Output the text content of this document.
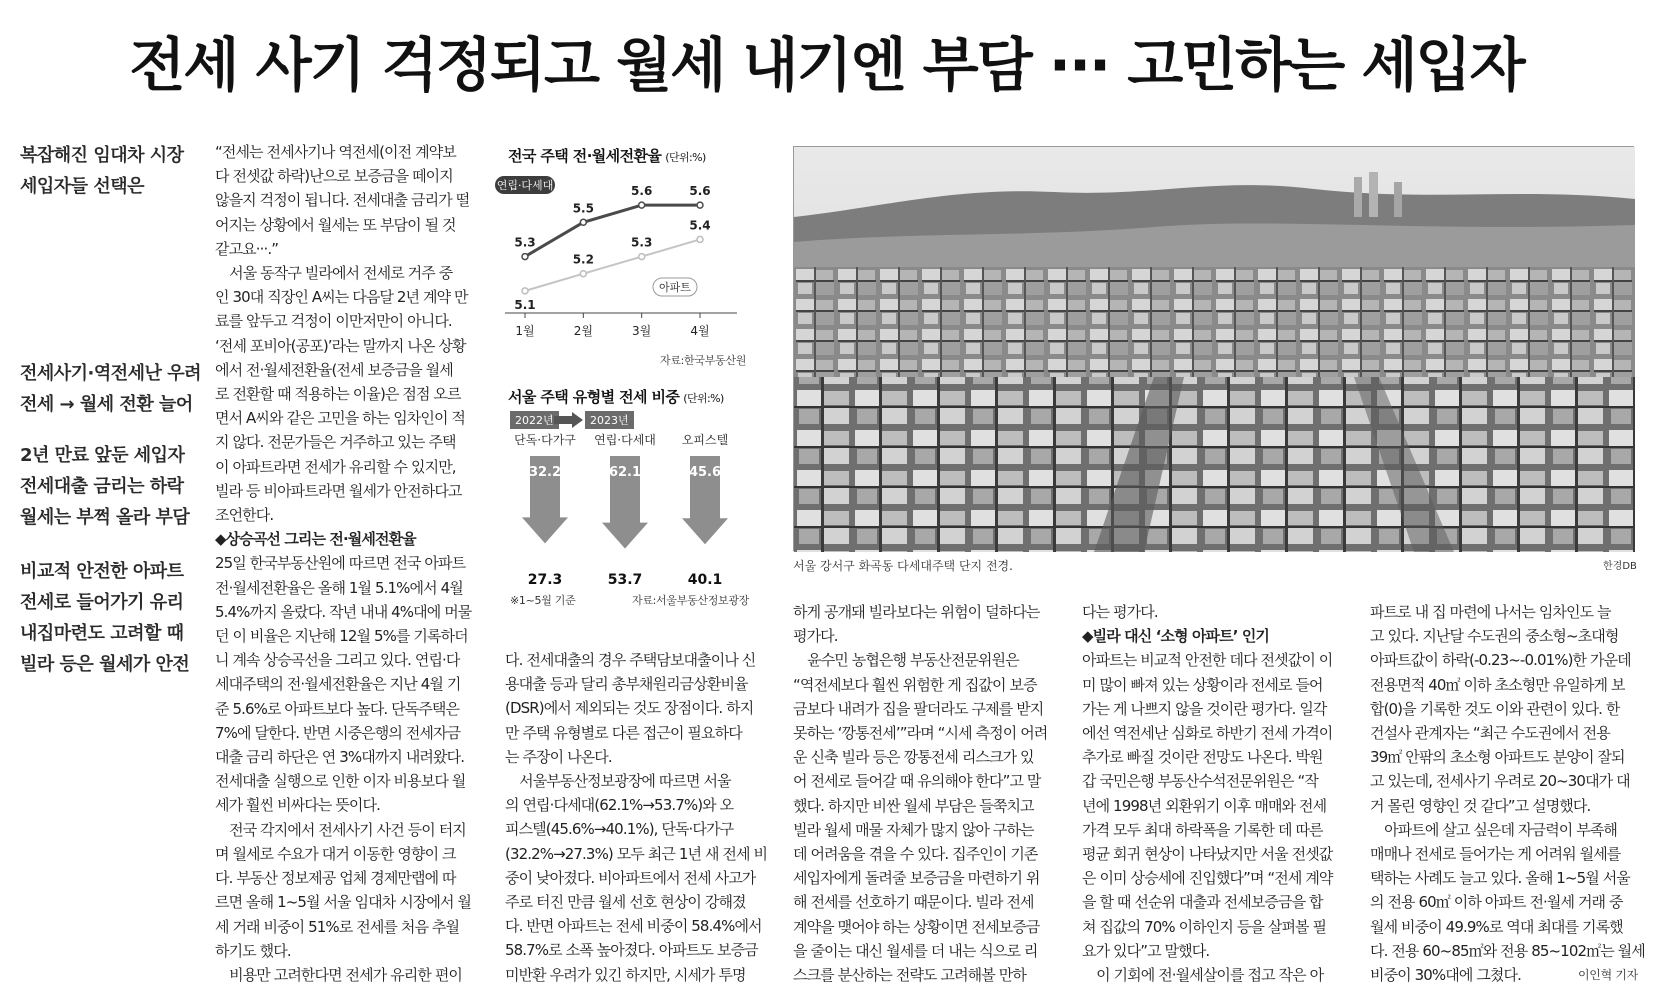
전세 사기 걱정되고 월세 내기엔 부담 ··· 고민하는 세입자

복잡해진 임대차 시장

세입자들 선택은

전세사기·역전세난 우려

전세 → 월세 전환 늘어

2년 만료 앞둔 세입자

전세대출 금리는 하락

월세는 부쩍 올라 부담

비교적 안전한 아파트

전세로 들어가기 유리

내집마련도 고려할 때

빌라 등은 월세가 안전

“전세는 전세사기나 역전세(이전 계약보

다 전셋값 하락)난으로 보증금을 떼이지

않을지 걱정이 됩니다. 전세대출 금리가 떨

어지는 상황에서 월세는 또 부담이 될 것

같고요···.”

　서울 동작구 빌라에서 전세로 거주 중

인 30대 직장인 A씨는 다음달 2년 계약 만

료를 앞두고 걱정이 이만저만이 아니다.

‘전세 포비아(공포)’라는 말까지 나온 상황

에서 전·월세전환율(전세 보증금을 월세

로 전환할 때 적용하는 이율)은 점점 오르

면서 A씨와 같은 고민을 하는 임차인이 적

지 않다. 전문가들은 거주하고 있는 주택

이 아파트라면 전세가 유리할 수 있지만,

빌라 등 비아파트라면 월세가 안전하다고

조언한다.

◆상승곡선 그리는 전·월세전환율

25일 한국부동산원에 따르면 전국 아파트

전·월세전환율은 올해 1월 5.1%에서 4월

5.4%까지 올랐다. 작년 내내 4%대에 머물

던 이 비율은 지난해 12월 5%를 기록하더

니 계속 상승곡선을 그리고 있다. 연립·다

세대주택의 전·월세전환율은 지난 4월 기

준 5.6%로 아파트보다 높다. 단독주택은

7%에 달한다. 반면 시중은행의 전세자금

대출 금리 하단은 연 3%대까지 내려왔다.

전세대출 실행으로 인한 이자 비용보다 월

세가 훨씬 비싸다는 뜻이다.

　전국 각지에서 전세사기 사건 등이 터지

며 월세로 수요가 대거 이동한 영향이 크

다. 부동산 정보제공 업체 경제만랩에 따

르면 올해 1~5월 서울 임대차 시장에서 월

세 거래 비중이 51%로 전세를 처음 추월

하기도 했다.

　비용만 고려한다면 전세가 유리한 편이

전국 주택 전·월세전환율 (단위:%)
1월	2월	3월	4월
5.3
5.5
5.6	5.6
5.1
5.2
5.3
5.4
연립·다세대
아파트
자료:한국부동산원
서울 주택 유형별 전세 비중 (단위:%)
2022년	2023년
단독·다가구
32.2
27.3
연립·다세대
62.1
53.7
오피스텔
45.6
40.1
※1~5월 기준	자료:서울부동산정보광장

다. 전세대출의 경우 주택담보대출이나 신

용대출 등과 달리 총부채원리금상환비율

(DSR)에서 제외되는 것도 장점이다. 하지

만 주택 유형별로 다른 접근이 필요하다

는 주장이 나온다.

　서울부동산정보광장에 따르면 서울

의 연립·다세대(62.1%→53.7%)와 오

피스텔(45.6%→40.1%), 단독·다가구

(32.2%→27.3%) 모두 최근 1년 새 전세 비

중이 낮아졌다. 비아파트에서 전세 사고가

주로 터진 만큼 월세 선호 현상이 강해졌

다. 반면 아파트는 전세 비중이 58.4%에서

58.7%로 소폭 높아졌다. 아파트도 보증금

미반환 우려가 있긴 하지만, 시세가 투명

서울 강서구 화곡동 다세대주택 단지 전경.	한경DB

하게 공개돼 빌라보다는 위험이 덜하다는

평가다.

　윤수민 농협은행 부동산전문위원은

“역전세보다 훨씬 위험한 게 집값이 보증

금보다 내려가 집을 팔더라도 구제를 받지

못하는 ‘깡통전세’”라며 “시세 측정이 어려

운 신축 빌라 등은 깡통전세 리스크가 있

어 전세로 들어갈 때 유의해야 한다”고 말

했다. 하지만 비싼 월세 부담은 들쭉치고

빌라 월세 매물 자체가 많지 않아 구하는

데 어려움을 겪을 수 있다. 집주인이 기존

세입자에게 돌려줄 보증금을 마련하기 위

해 전세를 선호하기 때문이다. 빌라 전세

계약을 맺어야 하는 상황이면 전세보증금

을 줄이는 대신 월세를 더 내는 식으로 리

스크를 분산하는 전략도 고려해볼 만하

다는 평가다.

◆빌라 대신 ‘소형 아파트’ 인기

아파트는 비교적 안전한 데다 전셋값이 이

미 많이 빠져 있는 상황이라 전세로 들어

가는 게 나쁘지 않을 것이란 평가다. 일각

에선 역전세난 심화로 하반기 전세 가격이

추가로 빠질 것이란 전망도 나온다. 박원

갑 국민은행 부동산수석전문위원은 “작

년에 1998년 외환위기 이후 매매와 전세

가격 모두 최대 하락폭을 기록한 데 따른

평균 회귀 현상이 나타났지만 서울 전셋값

은 이미 상승세에 진입했다”며 “전세 계약

을 할 때 선순위 대출과 전세보증금을 합

쳐 집값의 70% 이하인지 등을 살펴볼 필

요가 있다”고 말했다.

　이 기회에 전·월세살이를 접고 작은 아

파트로 내 집 마련에 나서는 임차인도 늘

고 있다. 지난달 수도권의 중소형~초대형

아파트값이 하락(-0.23~-0.01%)한 가운데

전용면적 40㎡ 이하 초소형만 유일하게 보

합(0)을 기록한 것도 이와 관련이 있다. 한

건설사 관계자는 “최근 수도권에서 전용

39㎡ 안팎의 초소형 아파트도 분양이 잘되

고 있는데, 전세사기 우려로 20~30대가 대

거 몰린 영향인 것 같다”고 설명했다.

　아파트에 살고 싶은데 자금력이 부족해

매매나 전세로 들어가는 게 어려워 월세를

택하는 사례도 늘고 있다. 올해 1~5월 서울

의 전용 60㎡ 이하 아파트 전·월세 거래 중

월세 비중이 49.9%로 역대 최대를 기록했

다. 전용 60~85㎡와 전용 85~102㎡는 월세

비중이 30%대에 그쳤다.	이인혁 기자
